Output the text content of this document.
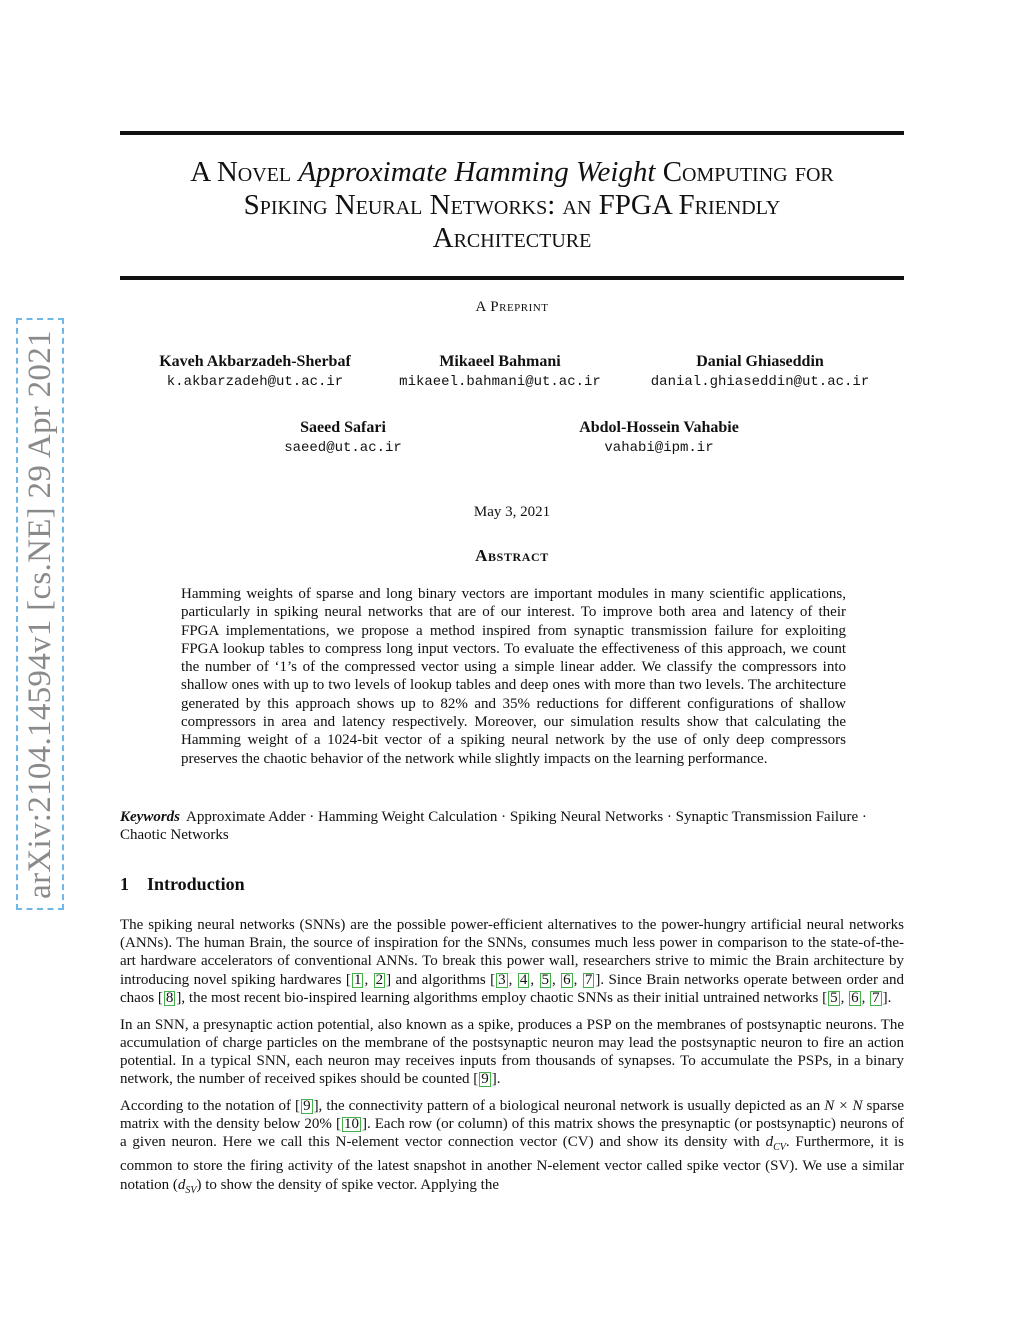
arXiv:2104.14594v1 [cs.NE] 29 Apr 2021
A Novel Approximate Hamming Weight Computing for
Spiking Neural Networks: an FPGA Friendly
Architecture
A Preprint
Kaveh Akbarzadeh-Sherbaf
k.akbarzadeh@ut.ac.ir
Mikaeel Bahmani
mikaeel.bahmani@ut.ac.ir
Danial Ghiaseddin
danial.ghiaseddin@ut.ac.ir
Saeed Safari
saeed@ut.ac.ir
Abdol-Hossein Vahabie
vahabi@ipm.ir
May 3, 2021
Abstract
Hamming weights of sparse and long binary vectors are important modules in many scientific applications, particularly in spiking neural networks that are of our interest. To improve both area and latency of their FPGA implementations, we propose a method inspired from synaptic transmission failure for exploiting FPGA lookup tables to compress long input vectors. To evaluate the effectiveness of this approach, we count the number of ‘1’s of the compressed vector using a simple linear adder. We classify the compressors into shallow ones with up to two levels of lookup tables and deep ones with more than two levels. The architecture generated by this approach shows up to 82% and 35% reductions for different configurations of shallow compressors in area and latency respectively. Moreover, our simulation results show that calculating the Hamming weight of a 1024-bit vector of a spiking neural network by the use of only deep compressors preserves the chaotic behavior of the network while slightly impacts on the learning performance.
Keywords Approximate Adder · Hamming Weight Calculation · Spiking Neural Networks · Synaptic Transmission Failure · Chaotic Networks
1 Introduction

The spiking neural networks (SNNs) are the possible power-efficient alternatives to the power-hungry artificial neural networks (ANNs). The human Brain, the source of inspiration for the SNNs, consumes much less power in comparison to the state-of-the-art hardware accelerators of conventional ANNs. To break this power wall, researchers strive to mimic the Brain architecture by introducing novel spiking hardwares [ 1 , 2 ] and algorithms [ 3 , 4 , 5 , 6 , 7 ]. Since Brain networks operate between order and chaos [ 8 ], the most recent bio-inspired learning algorithms employ chaotic SNNs as their initial untrained networks [ 5 , 6 , 7 ].

In an SNN, a presynaptic action potential, also known as a spike, produces a PSP on the membranes of postsynaptic neurons. The accumulation of charge particles on the membrane of the postsynaptic neuron may lead the postsynaptic neuron to fire an action potential. In a typical SNN, each neuron may receives inputs from thousands of synapses. To accumulate the PSPs, in a binary network, the number of received spikes should be counted [ 9 ].

According to the notation of [ 9 ], the connectivity pattern of a biological neuronal network is usually depicted as an N × N sparse matrix with the density below 20% [ 10 ]. Each row (or column) of this matrix shows the presynaptic (or postsynaptic) neurons of a given neuron. Here we call this N-element vector connection vector (CV) and show its density with $d_{CV}$. Furthermore, it is common to store the firing activity of the latest snapshot in another N-element vector called spike vector (SV). We use a similar notation $(d_{SV})$ to show the density of spike vector. Applying the
